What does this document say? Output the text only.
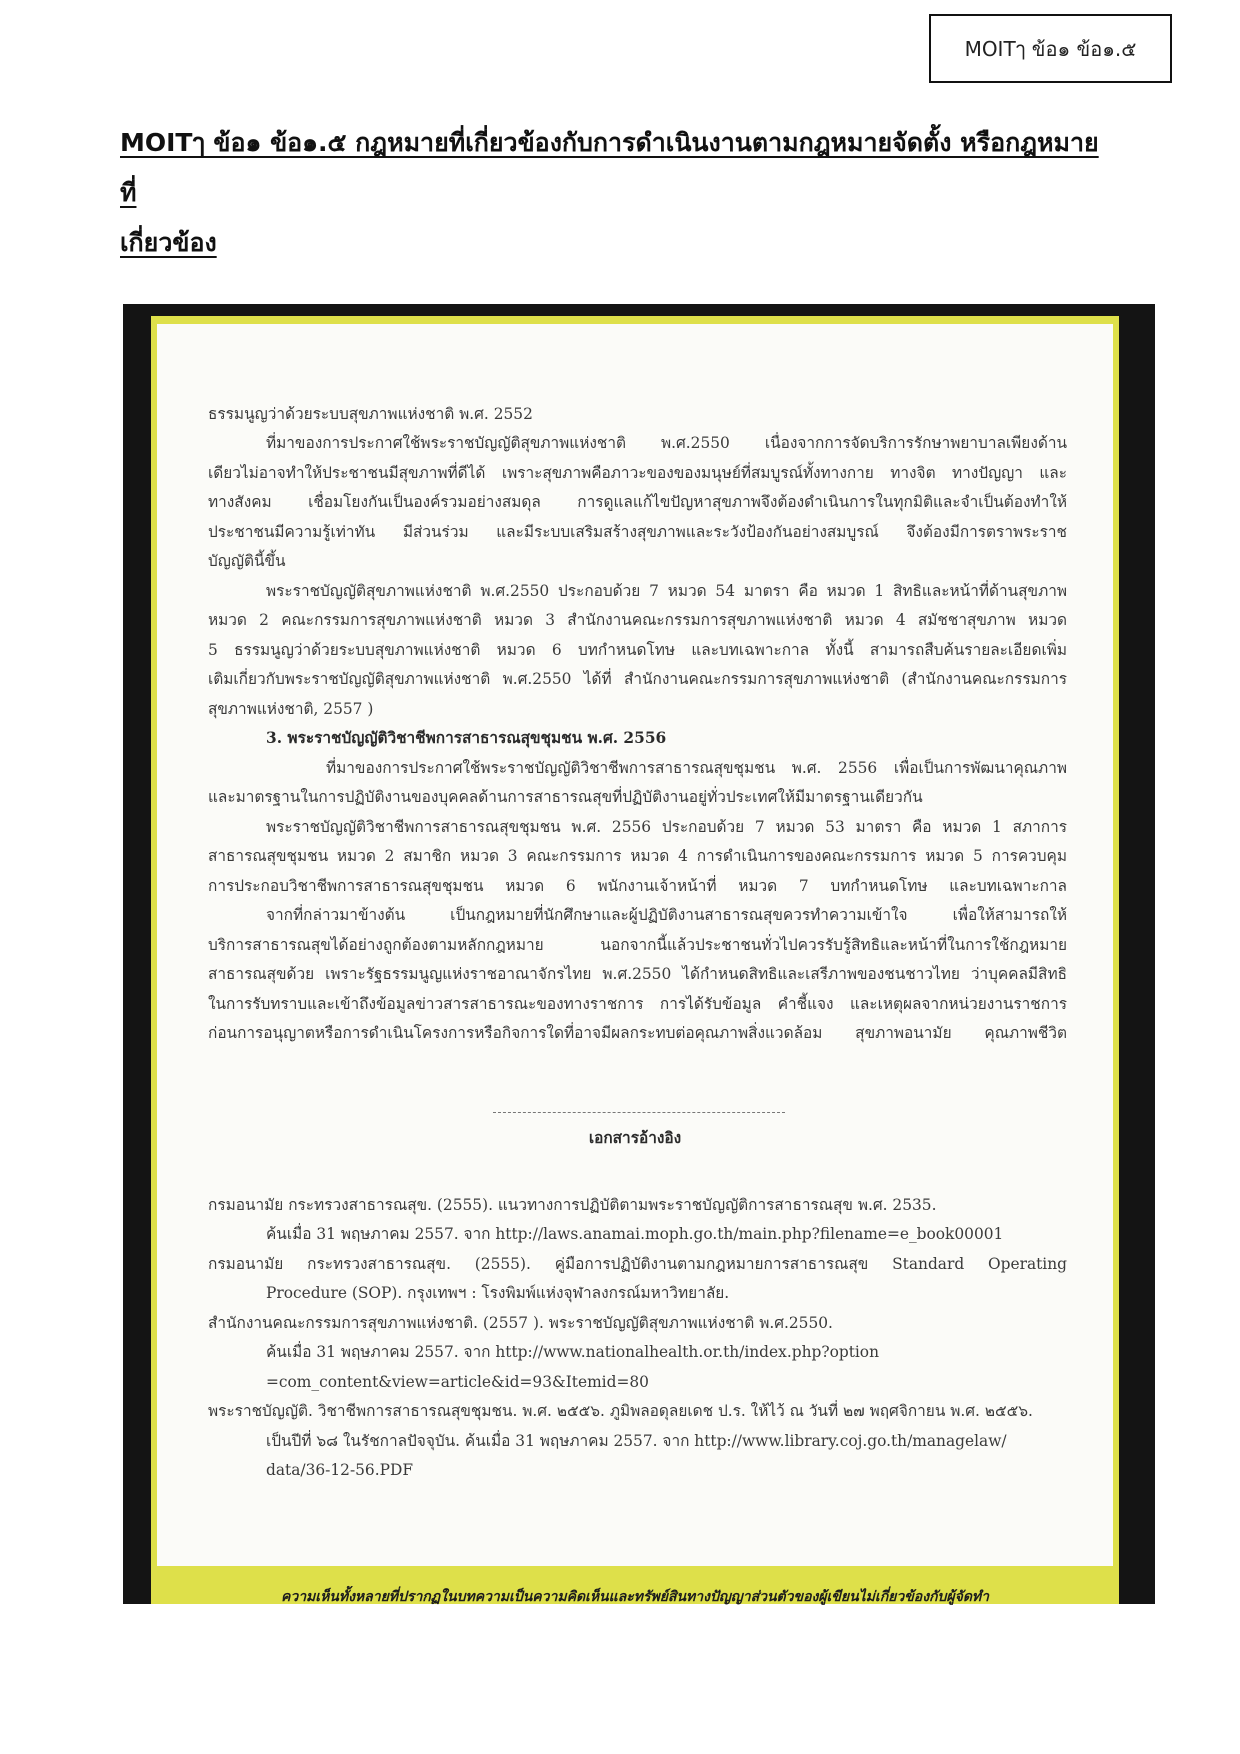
MOITๅ ข้อ๑ ข้อ๑.๕
MOITๅ ข้อ๑ ข้อ๑.๕ กฎหมายที่เกี่ยวข้องกับการดำเนินงานตามกฎหมายจัดตั้ง หรือกฎหมายที่
เกี่ยวข้อง
ธรรมนูญว่าด้วยระบบสุขภาพแห่งชาติ พ.ศ. 2552
ที่มาของการประกาศใช้พระราชบัญญัติสุขภาพแห่งชาติ พ.ศ.2550 เนื่องจากการจัดบริการรักษาพยาบาลเพียงด้าน
เดียวไม่อาจทำให้ประชาชนมีสุขภาพที่ดีได้ เพราะสุขภาพคือภาวะของของมนุษย์ที่สมบูรณ์ทั้งทางกาย ทางจิต ทางปัญญา และ
ทางสังคม เชื่อมโยงกันเป็นองค์รวมอย่างสมดุล การดูแลแก้ไขปัญหาสุขภาพจึงต้องดำเนินการในทุกมิติและจำเป็นต้องทำให้
ประชาชนมีความรู้เท่าทัน มีส่วนร่วม และมีระบบเสริมสร้างสุขภาพและระวังป้องกันอย่างสมบูรณ์ จึงต้องมีการตราพระราช
บัญญัตินี้ขึ้น
พระราชบัญญัติสุขภาพแห่งชาติ พ.ศ.2550 ประกอบด้วย 7 หมวด 54 มาตรา คือ หมวด 1 สิทธิและหน้าที่ด้านสุขภาพ
หมวด 2 คณะกรรมการสุขภาพแห่งชาติ หมวด 3 สำนักงานคณะกรรมการสุขภาพแห่งชาติ หมวด 4 สมัชชาสุขภาพ หมวด
5 ธรรมนูญว่าด้วยระบบสุขภาพแห่งชาติ หมวด 6 บทกำหนดโทษ และบทเฉพาะกาล ทั้งนี้ สามารถสืบค้นรายละเอียดเพิ่ม
เติมเกี่ยวกับพระราชบัญญัติสุขภาพแห่งชาติ พ.ศ.2550 ได้ที่ สำนักงานคณะกรรมการสุขภาพแห่งชาติ (สำนักงานคณะกรรมการ
สุขภาพแห่งชาติ, 2557 )
3. พระราชบัญญัติวิชาชีพการสาธารณสุขชุมชน พ.ศ. 2556
ที่มาของการประกาศใช้พระราชบัญญัติวิชาชีพการสาธารณสุขชุมชน พ.ศ. 2556 เพื่อเป็นการพัฒนาคุณภาพ
และมาตรฐานในการปฏิบัติงานของบุคคลด้านการสาธารณสุขที่ปฏิบัติงานอยู่ทั่วประเทศให้มีมาตรฐานเดียวกัน
พระราชบัญญัติวิชาชีพการสาธารณสุขชุมชน พ.ศ. 2556 ประกอบด้วย 7 หมวด 53 มาตรา คือ หมวด 1 สภาการ
สาธารณสุขชุมชน หมวด 2 สมาชิก หมวด 3 คณะกรรมการ หมวด 4 การดำเนินการของคณะกรรมการ หมวด 5 การควบคุม
การประกอบวิชาชีพการสาธารณสุขชุมชน หมวด 6 พนักงานเจ้าหน้าที่ หมวด 7 บทกำหนดโทษ และบทเฉพาะกาล
จากที่กล่าวมาข้างต้น เป็นกฎหมายที่นักศึกษาและผู้ปฏิบัติงานสาธารณสุขควรทำความเข้าใจ เพื่อให้สามารถให้
บริการสาธารณสุขได้อย่างถูกต้องตามหลักกฎหมาย นอกจากนี้แล้วประชาชนทั่วไปควรรับรู้สิทธิและหน้าที่ในการใช้กฎหมาย
สาธารณสุขด้วย เพราะรัฐธรรมนูญแห่งราชอาณาจักรไทย พ.ศ.2550 ได้กำหนดสิทธิและเสรีภาพของชนชาวไทย ว่าบุคคลมีสิทธิ
ในการรับทราบและเข้าถึงข้อมูลข่าวสารสาธารณะของทางราชการ การได้รับข้อมูล คำชี้แจง และเหตุผลจากหน่วยงานราชการ
ก่อนการอนุญาตหรือการดำเนินโครงการหรือกิจการใดที่อาจมีผลกระทบต่อคุณภาพสิ่งแวดล้อม สุขภาพอนามัย คุณภาพชีวิต
เอกสารอ้างอิง
กรมอนามัย กระทรวงสาธารณสุข. (2555). แนวทางการปฏิบัติตามพระราชบัญญัติการสาธารณสุข พ.ศ. 2535.
ค้นเมื่อ 31 พฤษภาคม 2557. จาก http://laws.anamai.moph.go.th/main.php?filename=e_book00001
กรมอนามัย กระทรวงสาธารณสุข. (2555). คู่มือการปฏิบัติงานตามกฎหมายการสาธารณสุข Standard Operating
Procedure (SOP). กรุงเทพฯ : โรงพิมพ์แห่งจุฬาลงกรณ์มหาวิทยาลัย.
สำนักงานคณะกรรมการสุขภาพแห่งชาติ. (2557 ). พระราชบัญญัติสุขภาพแห่งชาติ พ.ศ.2550.
ค้นเมื่อ 31 พฤษภาคม 2557. จาก http://www.nationalhealth.or.th/index.php?option
=com_content&view=article&id=93&Itemid=80
พระราชบัญญัติ. วิชาชีพการสาธารณสุขชุมชน. พ.ศ. ๒๕๕๖. ภูมิพลอดุลยเดช ป.ร. ให้ไว้ ณ วันที่ ๒๗ พฤศจิกายน พ.ศ. ๒๕๕๖.
เป็นปีที่ ๖๘ ในรัชกาลปัจจุบัน. ค้นเมื่อ 31 พฤษภาคม 2557. จาก http://www.library.coj.go.th/managelaw/
data/36-12-56.PDF
ความเห็นทั้งหลายที่ปรากฏในบทความเป็นความคิดเห็นและทรัพย์สินทางปัญญาส่วนตัวของผู้เขียนไม่เกี่ยวข้องกับผู้จัดทำ
